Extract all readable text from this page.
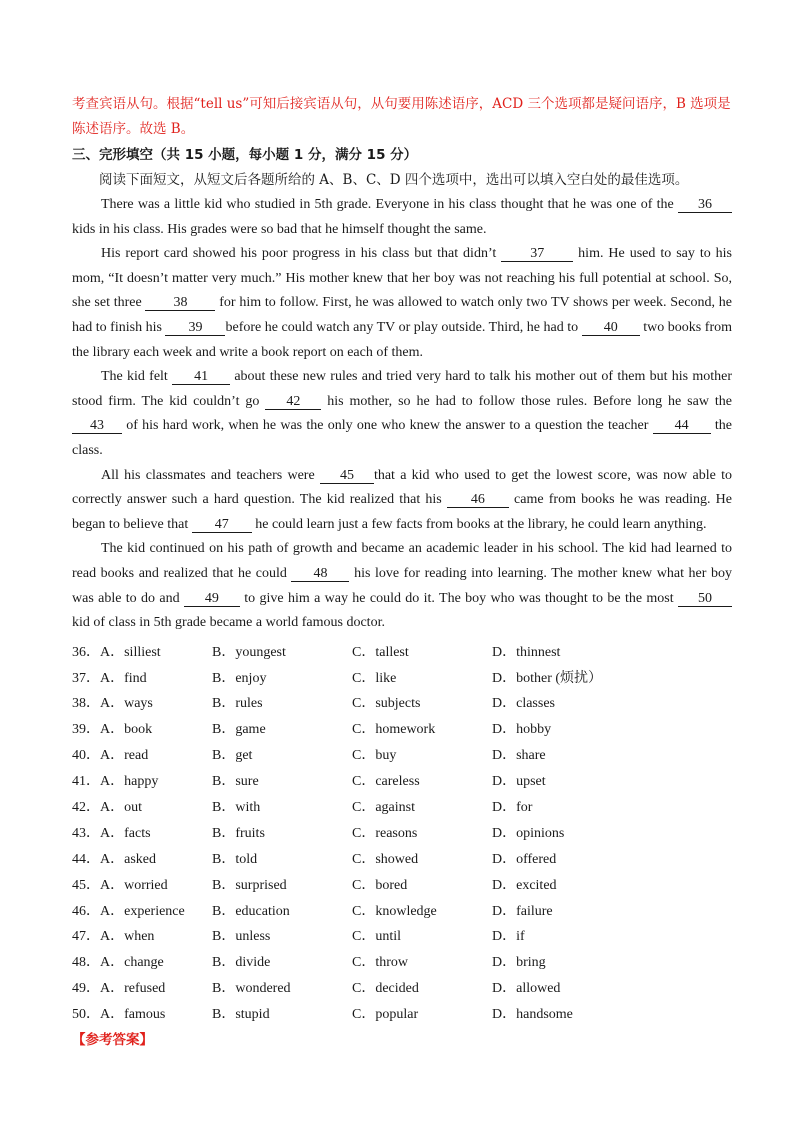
考查宾语从句。根据“tell us”可知后接宾语从句，从句要用陈述语序，ACD 三个选项都是疑问语序，B 选项是陈述语序。故选 B。
三、完形填空（共 15 小题，每小题 1 分，满分 15 分）
阅读下面短文，从短文后各题所给的 A、B、C、D 四个选项中，选出可以填入空白处的最佳选项。

There was a little kid who studied in 5th grade. Everyone in his class thought that he was one of the 36 kids in his class. His grades were so bad that he himself thought the same.

His report card showed his poor progress in his class but that didn’t 37 him. He used to say to his mom, “It doesn’t matter very much.” His mother knew that her boy was not reaching his full potential at school. So, she set three 38 for him to follow. First, he was allowed to watch only two TV shows per week. Second, he had to finish his 39 before he could watch any TV or play outside. Third, he had to 40 two books from the library each week and write a book report on each of them.

The kid felt 41 about these new rules and tried very hard to talk his mother out of them but his mother stood firm. The kid couldn’t go 42 his mother, so he had to follow those rules. Before long he saw the 43 of his hard work, when he was the only one who knew the answer to a question the teacher 44 the class.

All his classmates and teachers were 45 that a kid who used to get the lowest score, was now able to correctly answer such a hard question. The kid realized that his 46 came from books he was reading. He began to believe that 47 he could learn just a few facts from books at the library, he could learn anything.

The kid continued on his path of growth and became an academic leader in his school. The kid had learned to read books and realized that he could 48 his love for reading into learning. The mother knew what her boy was able to do and 49 to give him a way he could do it. The boy who was thought to be the most 50 kid of class in 5th grade became a world famous doctor.

36．A．silliest	B．youngest	C．tallest	D．thinnest
37．A．find	B．enjoy	C．like	D．bother (烦扰）
38．A．ways	B．rules	C．subjects	D．classes
39．A．book	B．game	C．homework	D．hobby
40．A．read	B．get	C．buy	D．share
41．A．happy	B．sure	C．careless	D．upset
42．A．out	B．with	C．against	D．for
43．A．facts	B．fruits	C．reasons	D．opinions
44．A．asked	B．told	C．showed	D．offered
45．A．worried	B．surprised	C．bored	D．excited
46．A．experience	B．education	C．knowledge	D．failure
47．A．when	B．unless	C．until	D．if
48．A．change	B．divide	C．throw	D．bring
49．A．refused	B．wondered	C．decided	D．allowed
50．A．famous	B．stupid	C．popular	D．handsome
【参考答案】
